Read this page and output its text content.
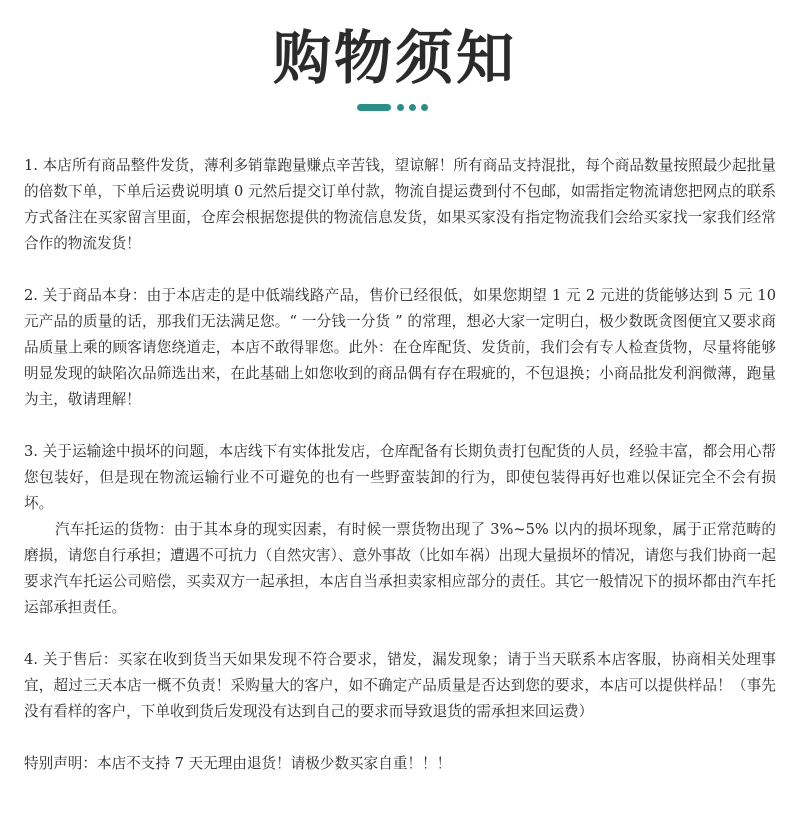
购物须知

1. 本店所有商品整件发货，薄利多销靠跑量赚点辛苦钱，望谅解！所有商品支持混批，每个商品数量按照最少起批量的倍数下单，下单后运费说明填 0 元然后提交订单付款，物流自提运费到付不包邮，如需指定物流请您把网点的联系方式备注在买家留言里面，仓库会根据您提供的物流信息发货，如果买家没有指定物流我们会给买家找一家我们经常合作的物流发货！

2. 关于商品本身：由于本店走的是中低端线路产品，售价已经很低，如果您期望 1 元 2 元进的货能够达到 5 元 10 元产品的质量的话，那我们无法满足您。“ 一分钱一分货 ” 的常理，想必大家一定明白，极少数既贪图便宜又要求商品质量上乘的顾客请您绕道走，本店不敢得罪您。此外：在仓库配货、发货前，我们会有专人检查货物，尽量将能够明显发现的缺陷次品筛选出来，在此基础上如您收到的商品偶有存在瑕疵的，不包退换；小商品批发利润微薄，跑量为主，敬请理解！

3. 关于运输途中损坏的问题，本店线下有实体批发店，仓库配备有长期负责打包配货的人员，经验丰富，都会用心帮您包装好，但是现在物流运输行业不可避免的也有一些野蛮装卸的行为，即使包装得再好也难以保证完全不会有损坏。

汽车托运的货物：由于其本身的现实因素，有时候一票货物出现了 3%~5% 以内的损坏现象，属于正常范畴的磨损，请您自行承担；遭遇不可抗力（自然灾害）、意外事故（比如车祸）出现大量损坏的情况，请您与我们协商一起要求汽车托运公司赔偿，买卖双方一起承担，本店自当承担卖家相应部分的责任。其它一般情况下的损坏都由汽车托运部承担责任。

4. 关于售后：买家在收到货当天如果发现不符合要求，错发，漏发现象；请于当天联系本店客服，协商相关处理事宜，超过三天本店一概不负责！采购量大的客户，如不确定产品质量是否达到您的要求，本店可以提供样品！（事先没有看样的客户，下单收到货后发现没有达到自己的要求而导致退货的需承担来回运费）

特别声明：本店不支持 7 天无理由退货！请极少数买家自重！！！
